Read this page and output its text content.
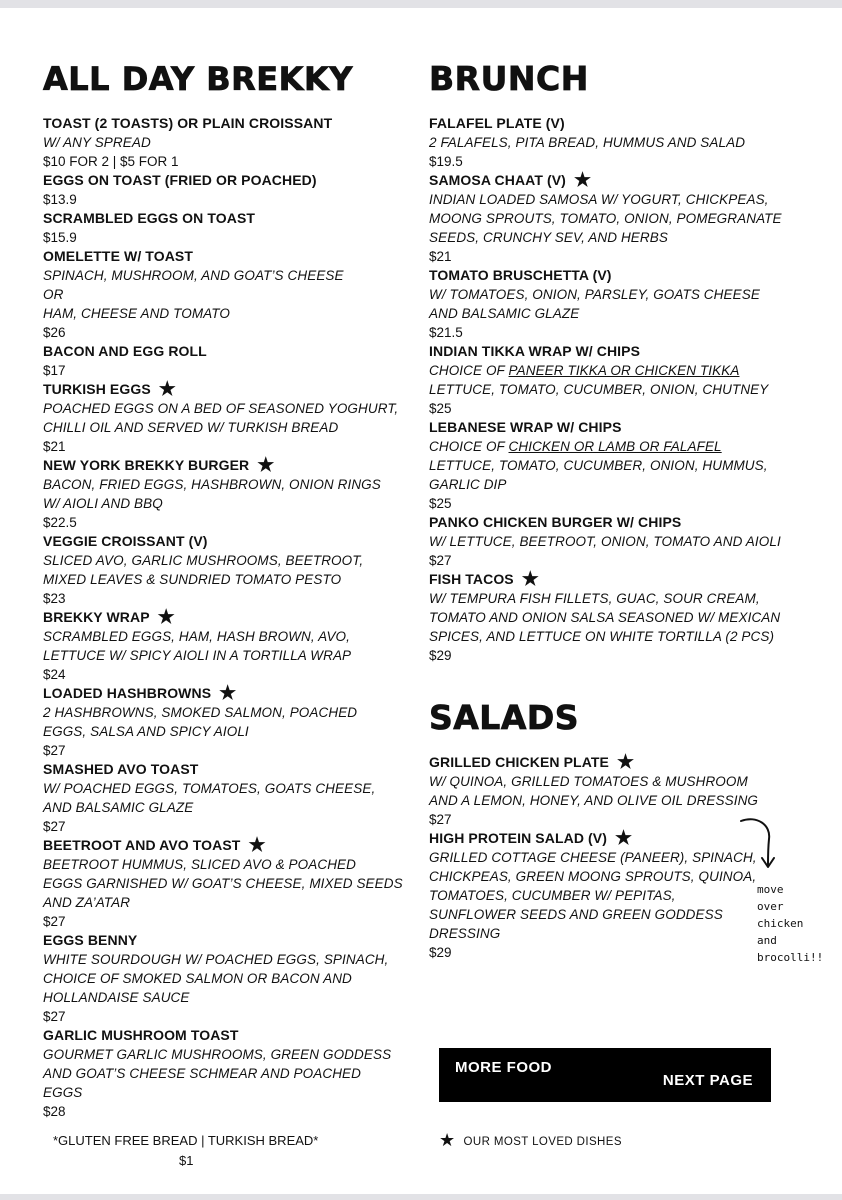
ALL DAY BREKKY
TOAST (2 TOASTS) OR PLAIN CROISSANT
W/ ANY SPREAD
$10 FOR 2 | $5 FOR 1
EGGS ON TOAST (FRIED OR POACHED)
$13.9
SCRAMBLED EGGS ON TOAST
$15.9
OMELETTE W/ TOAST
SPINACH, MUSHROOM, AND GOAT’S CHEESE
OR
HAM, CHEESE AND TOMATO
$26
BACON AND EGG ROLL
$17
TURKISH EGGS ★
POACHED EGGS ON A BED OF SEASONED YOGHURT,
CHILLI OIL AND SERVED W/ TURKISH BREAD
$21
NEW YORK BREKKY BURGER ★
BACON, FRIED EGGS, HASHBROWN, ONION RINGS
W/ AIOLI AND BBQ
$22.5
VEGGIE CROISSANT (V)
SLICED AVO, GARLIC MUSHROOMS, BEETROOT,
MIXED LEAVES & SUNDRIED TOMATO PESTO
$23
BREKKY WRAP ★
SCRAMBLED EGGS, HAM, HASH BROWN, AVO,
LETTUCE W/ SPICY AIOLI IN A TORTILLA WRAP
$24
LOADED HASHBROWNS ★
2 HASHBROWNS, SMOKED SALMON, POACHED
EGGS, SALSA AND SPICY AIOLI
$27
SMASHED AVO TOAST
W/ POACHED EGGS, TOMATOES, GOATS CHEESE,
AND BALSAMIC GLAZE
$27
BEETROOT AND AVO TOAST ★
BEETROOT HUMMUS, SLICED AVO & POACHED
EGGS GARNISHED W/ GOAT’S CHEESE, MIXED SEEDS
AND ZA’ATAR
$27
EGGS BENNY
WHITE SOURDOUGH W/ POACHED EGGS, SPINACH,
CHOICE OF SMOKED SALMON OR BACON AND
HOLLANDAISE SAUCE
$27
GARLIC MUSHROOM TOAST
GOURMET GARLIC MUSHROOMS, GREEN GODDESS
AND GOAT’S CHEESE SCHMEAR AND POACHED
EGGS
$28
BRUNCH
FALAFEL PLATE (V)
2 FALAFELS, PITA BREAD, HUMMUS AND SALAD
$19.5
SAMOSA CHAAT (V) ★
INDIAN LOADED SAMOSA W/ YOGURT, CHICKPEAS,
MOONG SPROUTS, TOMATO, ONION, POMEGRANATE
SEEDS, CRUNCHY SEV, AND HERBS
$21
TOMATO BRUSCHETTA (V)
W/ TOMATOES, ONION, PARSLEY, GOATS CHEESE
AND BALSAMIC GLAZE
$21.5
INDIAN TIKKA WRAP W/ CHIPS
CHOICE OF PANEER TIKKA OR CHICKEN TIKKA
LETTUCE, TOMATO, CUCUMBER, ONION, CHUTNEY
$25
LEBANESE WRAP W/ CHIPS
CHOICE OF CHICKEN OR LAMB OR FALAFEL
LETTUCE, TOMATO, CUCUMBER, ONION, HUMMUS,
GARLIC DIP
$25
PANKO CHICKEN BURGER W/ CHIPS
W/ LETTUCE, BEETROOT, ONION, TOMATO AND AIOLI
$27
FISH TACOS ★
W/ TEMPURA FISH FILLETS, GUAC, SOUR CREAM,
TOMATO AND ONION SALSA SEASONED W/ MEXICAN
SPICES, AND LETTUCE ON WHITE TORTILLA (2 PCS)
$29
SALADS
GRILLED CHICKEN PLATE ★
W/ QUINOA, GRILLED TOMATOES & MUSHROOM
AND A LEMON, HONEY, AND OLIVE OIL DRESSING
$27
HIGH PROTEIN SALAD (V) ★
GRILLED COTTAGE CHEESE (PANEER), SPINACH,
CHICKPEAS, GREEN MOONG SPROUTS, QUINOA,
TOMATOES, CUCUMBER W/ PEPITAS,
SUNFLOWER SEEDS AND GREEN GODDESS
DRESSING
$29
*GLUTEN FREE BREAD | TURKISH BREAD*
$1
MORE FOOD
NEXT PAGE
★ OUR MOST LOVED DISHES
move
over
chicken
and
brocolli!!
